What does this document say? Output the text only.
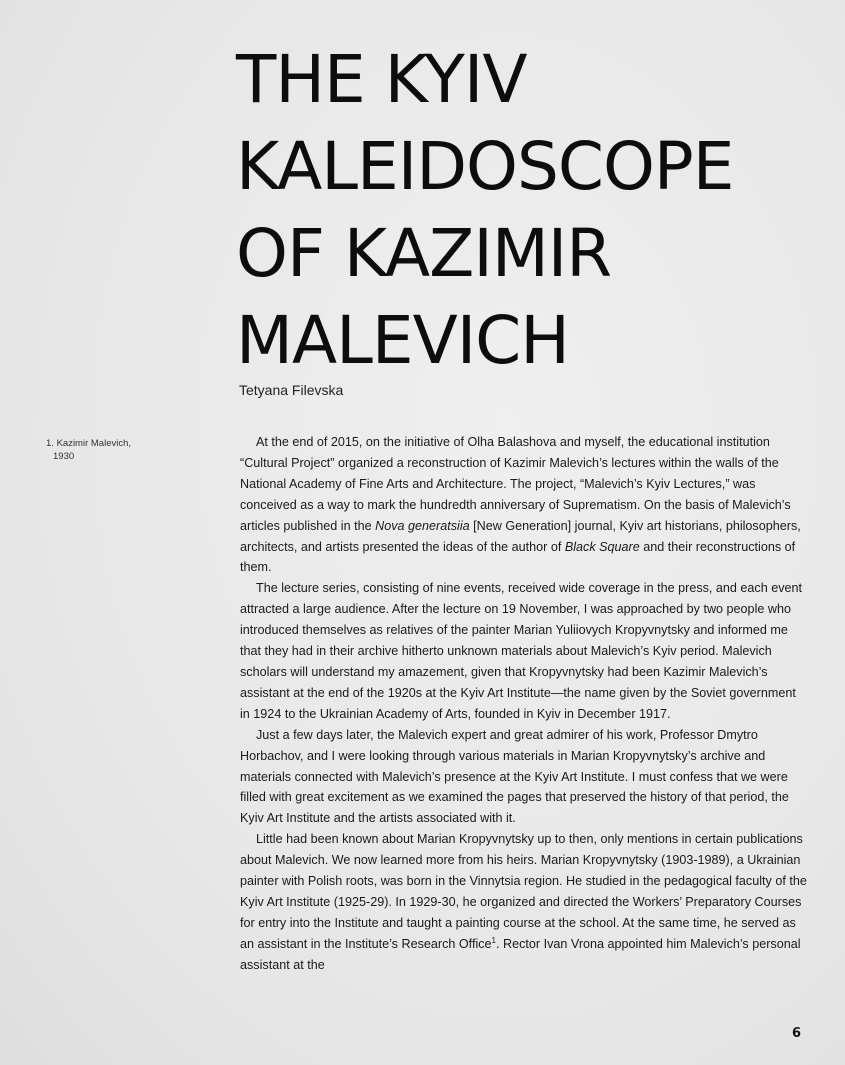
THE KYIV
KALEIDOSCOPE
OF KAZIMIR
MALEVICH
Tetyana Filevska
1. Kazimir Malevich,
1930

At the end of 2015, on the initiative of Olha Balashova and myself, the educational institution “Cultural Project” organized a reconstruction of Kazimir Malevich’s lectures within the walls of the National Academy of Fine Arts and Architecture. The project, “Malevich’s Kyiv Lectures,” was conceived as a way to mark the hundredth anniversary of Suprematism. On the basis of Malevich’s articles published in the Nova generatsiia [New Generation] journal, Kyiv art historians, philosophers, architects, and artists presented the ideas of the author of Black Square and their reconstructions of them.

The lecture series, consisting of nine events, received wide coverage in the press, and each event attracted a large audience. After the lecture on 19 November, I was approached by two people who introduced themselves as relatives of the painter Marian Yuliiovych Kropyvnytsky and informed me that they had in their archive hitherto unknown materials about Malevich’s Kyiv period. Malevich scholars will understand my amazement, given that Kropyvnytsky had been Kazimir Malevich’s assistant at the end of the 1920s at the Kyiv Art Institute—the name given by the Soviet government in 1924 to the Ukrainian Academy of Arts, founded in Kyiv in December 1917.

Just a few days later, the Malevich expert and great admirer of his work, Professor Dmytro Horbachov, and I were looking through various materials in Marian Kropyvnytsky’s archive and materials connected with Malevich’s presence at the Kyiv Art Institute. I must confess that we were filled with great excitement as we examined the pages that preserved the history of that period, the Kyiv Art Institute and the artists associated with it.

Little had been known about Marian Kropyvnytsky up to then, only mentions in certain publications about Malevich. We now learned more from his heirs. Marian Kropyvnytsky (1903-1989), a Ukrainian painter with Polish roots, was born in the Vinnytsia region. He studied in the pedagogical faculty of the Kyiv Art Institute (1925-29). In 1929-30, he organized and directed the Workers’ Preparatory Courses for entry into the Institute and taught a painting course at the school. At the same time, he served as an assistant in the Institute’s Research Office$^1$. Rector Ivan Vrona appointed him Malevich’s personal assistant at the

9
